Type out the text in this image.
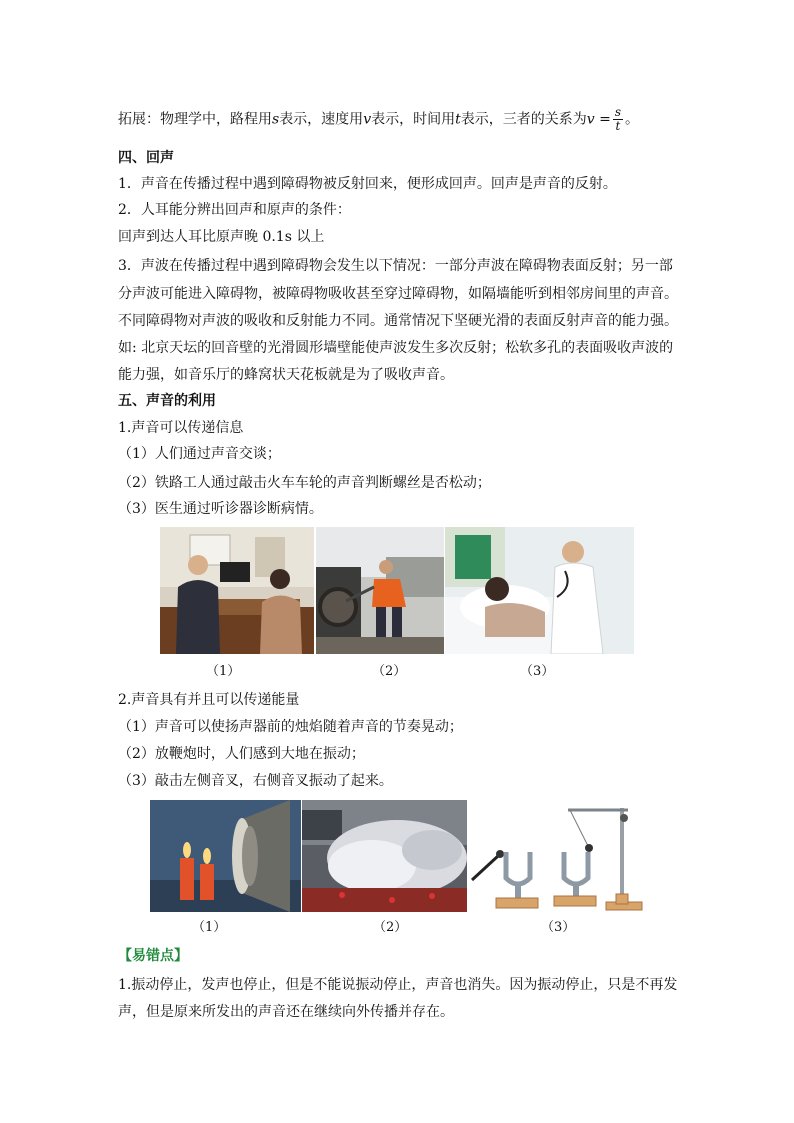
拓展：物理学中，路程用s表示，速度用v表示，时间用t表示，三者的关系为$v = \frac{s}{t}$ 。
四、回声
1．声音在传播过程中遇到障碍物被反射回来，便形成回声。回声是声音的反射。
2．人耳能分辨出回声和原声的条件：
回声到达人耳比原声晚 0.1s 以上
3．声波在传播过程中遇到障碍物会发生以下情况：一部分声波在障碍物表面反射；另一部
分声波可能进入障碍物，被障碍物吸收甚至穿过障碍物，如隔墙能听到相邻房间里的声音。
不同障碍物对声波的吸收和反射能力不同。通常情况下坚硬光滑的表面反射声音的能力强。
如: 北京天坛的回音壁的光滑圆形墙壁能使声波发生多次反射；松软多孔的表面吸收声波的
能力强，如音乐厅的蜂窝状天花板就是为了吸收声音。
五、声音的利用
1.声音可以传递信息
（1）人们通过声音交谈；
（2）铁路工人通过敲击火车车轮的声音判断螺丝是否松动；
（3）医生通过听诊器诊断病情。
（1）	（2）	（3）
2.声音具有并且可以传递能量
（1）声音可以使扬声器前的烛焰随着声音的节奏晃动；
（2）放鞭炮时，人们感到大地在振动；
（3）敲击左侧音叉，右侧音叉振动了起来。
（1）	（2）	（3）
【易错点】
1.振动停止，发声也停止，但是不能说振动停止，声音也消失。因为振动停止，只是不再发
声，但是原来所发出的声音还在继续向外传播并存在。
